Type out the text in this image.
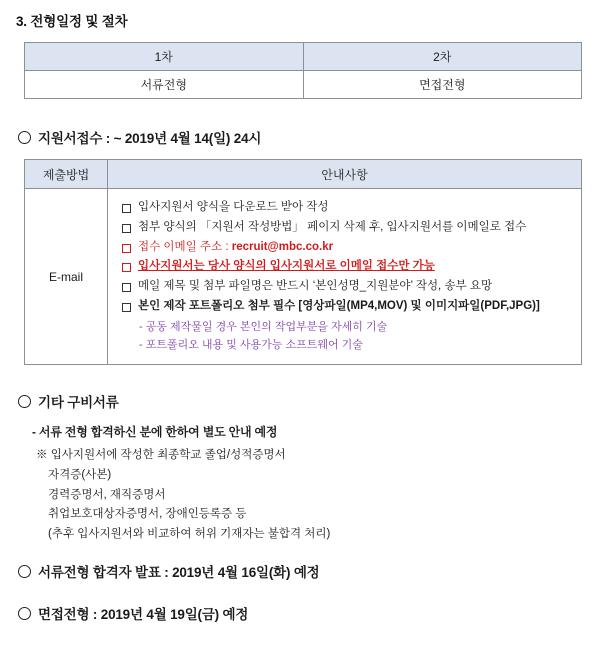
3. 전형일정 및 절차
1차	2차
서류전형	면접전형
지원서접수 : ~ 2019년 4월 14(일) 24시
제출방법	안내사항
E-mail	
입사지원서 양식을 다운로드 받아 작성
첨부 양식의 「지원서 작성방법」 페이지 삭제 후, 입사지원서를 이메일로 접수
접수 이메일 주소 : recruit@mbc.co.kr
입사지원서는 당사 양식의 입사지원서로 이메일 접수만 가능
메일 제목 및 첨부 파일명은 반드시 ‘본인성명_지원분야’ 작성, 송부 요망
본인 제작 포트폴리오 첨부 필수 [영상파일(MP4,MOV) 및 이미지파일(PDF,JPG)]
- 공동 제작물일 경우 본인의 작업부분을 자세히 기술
- 포트폴리오 내용 및 사용가능 소프트웨어 기술
기타 구비서류
- 서류 전형 합격하신 분에 한하여 별도 안내 예정
※ 입사지원서에 작성한 최종학교 졸업/성적증명서
자격증(사본)
경력증명서, 재직증명서
취업보호대상자증명서, 장애인등록증 등
(추후 입사지원서와 비교하여 허위 기재자는 불합격 처리)
서류전형 합격자 발표 : 2019년 4월 16일(화) 예정
면접전형 : 2019년 4월 19일(금) 예정
